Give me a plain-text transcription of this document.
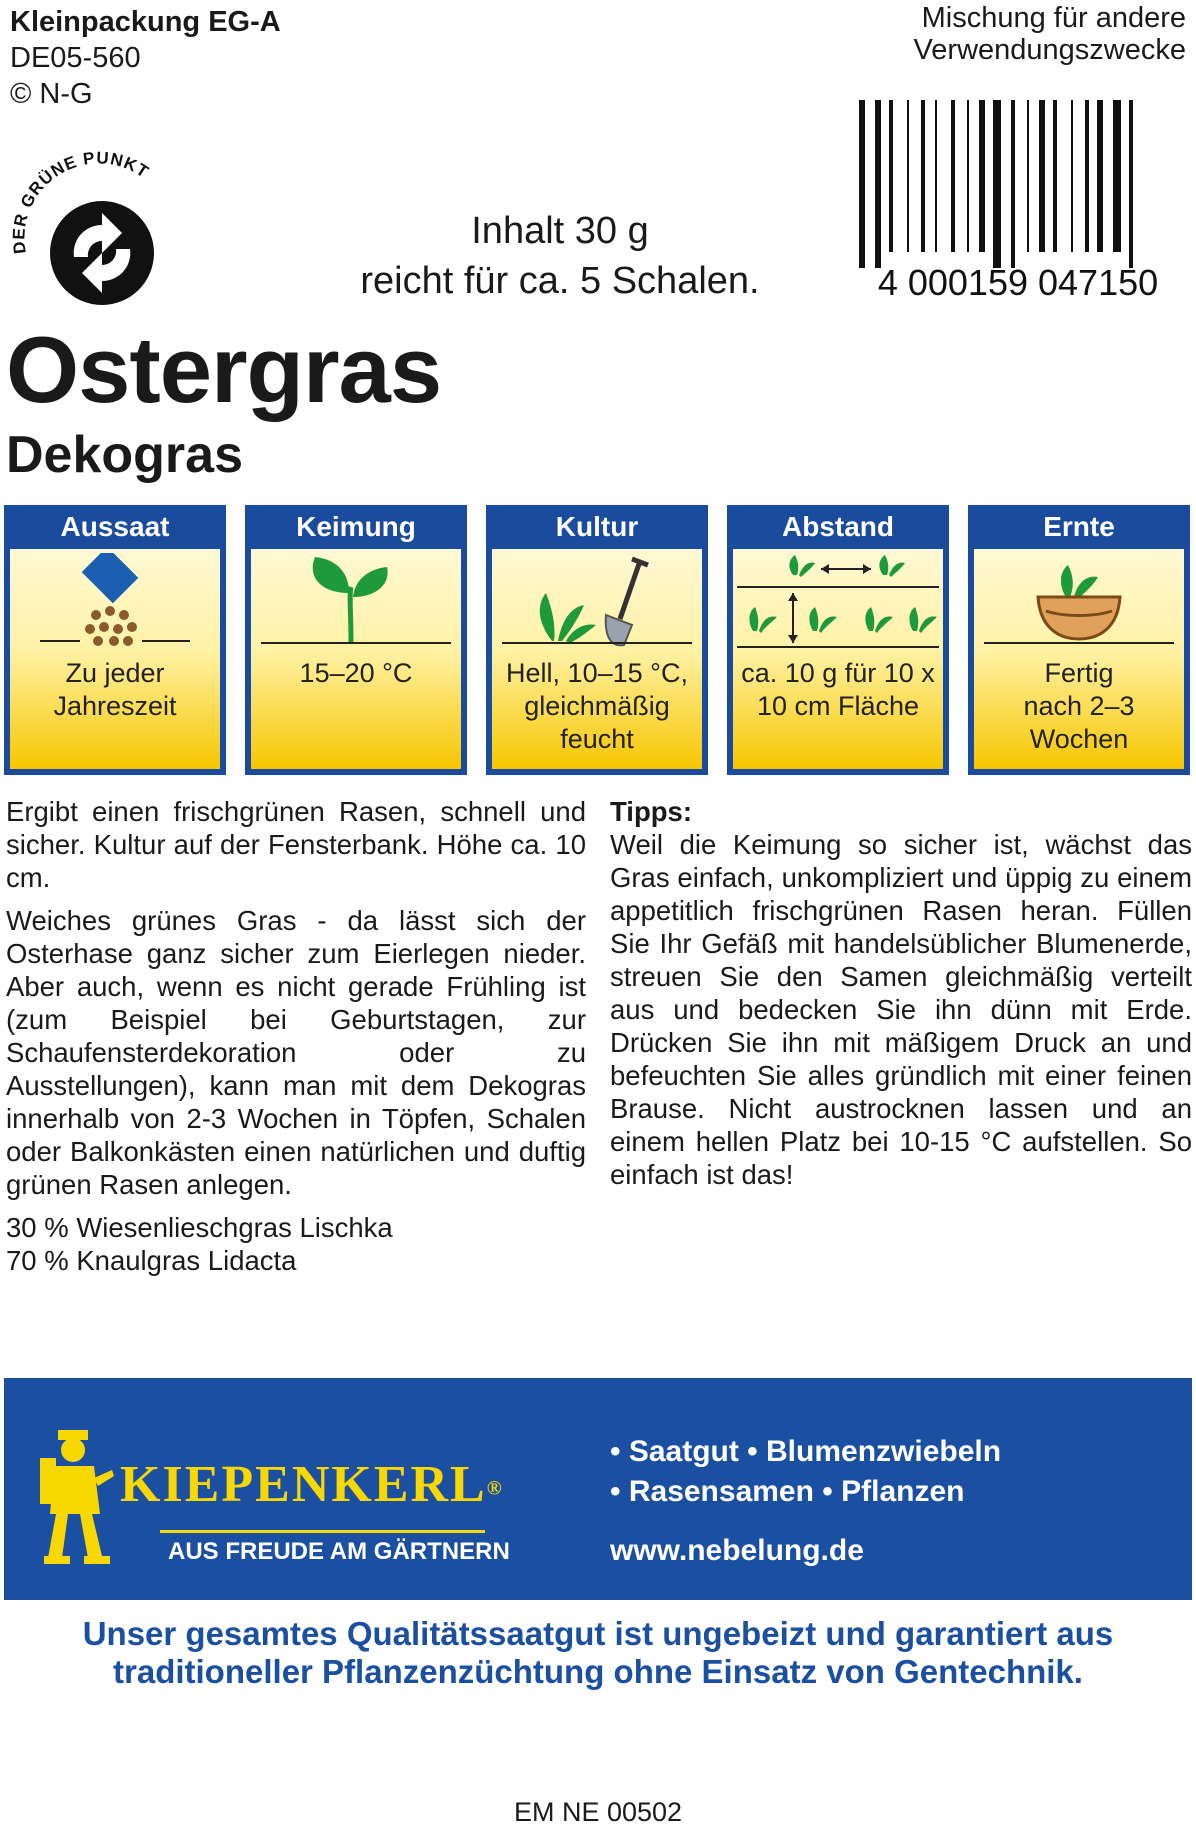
Kleinpackung EG-A
DE05-560
© N-G
Mischung für andere
Verwendungszwecke
DER GRÜNE PUNKT
Inhalt 30 g
reicht für ca. 5 Schalen.	4 000159 047150
Ostergras
Dekogras
Aussaat
Zu jeder
Jahreszeit
Keimung
15–20 °C
Kultur
Hell, 10–15 °C,
gleichmäßig
feucht
Abstand
ca. 10 g für 10 x
10 cm Fläche
Ernte
Fertig
nach 2–3
Wochen

Ergibt einen frischgrünen Rasen, schnell und sicher. Kultur auf der Fensterbank. Höhe ca. 10 cm.

Weiches grünes Gras - da lässt sich der Osterhase ganz sicher zum Eierlegen nieder. Aber auch, wenn es nicht gerade Frühling ist (zum Beispiel bei Geburtstagen, zur Schaufensterdekoration oder zu Ausstellungen), kann man mit dem Dekogras innerhalb von 2-3 Wochen in Töpfen, Schalen oder Balkonkästen einen natürlichen und duftig grünen Rasen anlegen.

30 % Wiesenlieschgras Lischka
70 % Knaulgras Lidacta
Tipps:

Weil die Keimung so sicher ist, wächst das Gras einfach, unkompliziert und üppig zu einem appetitlich frischgrünen Rasen heran. Füllen Sie Ihr Gefäß mit handelsüblicher Blumenerde, streuen Sie den Samen gleichmäßig verteilt aus und bedecken Sie ihn dünn mit Erde. Drücken Sie ihn mit mäßigem Druck an und befeuchten Sie alles gründlich mit einer feinen Brause. Nicht austrocknen lassen und an einem hellen Platz bei 10-15 °C aufstellen. So einfach ist das!

KIEPENKERL®
AUS FREUDE AM GÄRTNERN
• Saatgut • Blumenzwiebeln
• Rasensamen • Pflanzen
www.nebelung.de
Unser gesamtes Qualitätssaatgut ist ungebeizt und garantiert aus
traditioneller Pflanzenzüchtung ohne Einsatz von Gentechnik.
EM NE 00502
